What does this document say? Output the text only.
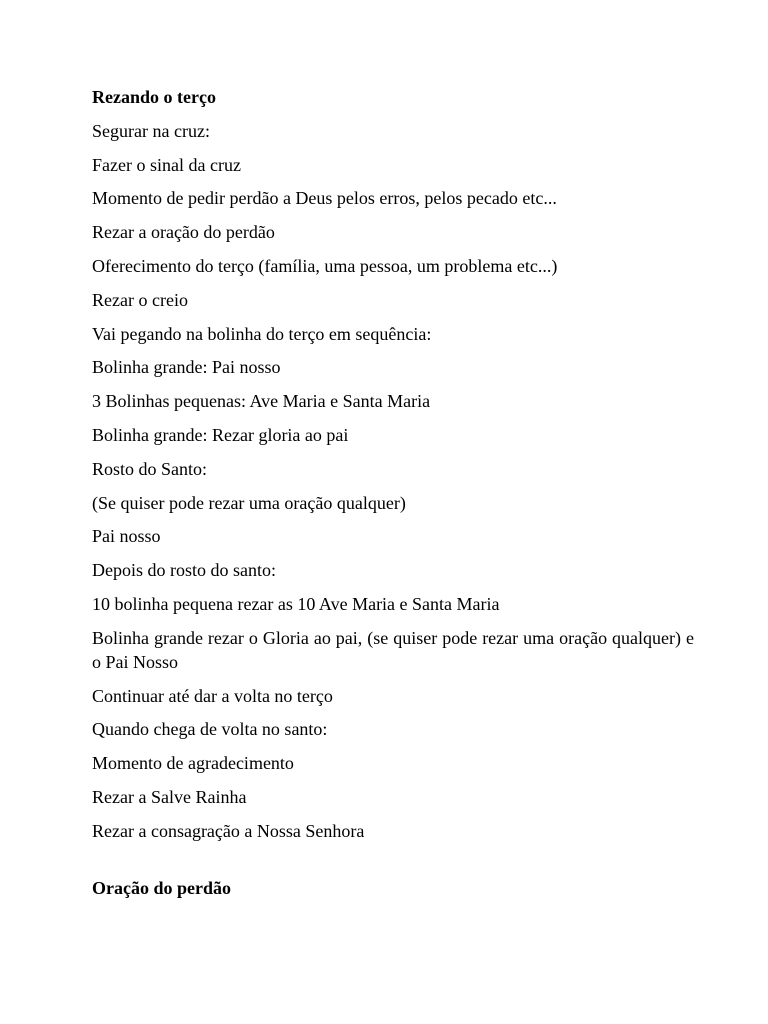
Rezando o terço
Segurar na cruz:
Fazer o sinal da cruz
Momento de pedir perdão a Deus pelos erros, pelos pecado etc...
Rezar a oração do perdão
Oferecimento do terço (família, uma pessoa, um problema etc...)
Rezar o creio
Vai pegando na bolinha do terço em sequência:
Bolinha grande: Pai nosso
3 Bolinhas pequenas: Ave Maria e Santa Maria
Bolinha grande: Rezar gloria ao pai
Rosto do Santo:
(Se quiser pode rezar uma oração qualquer)
Pai nosso
Depois do rosto do santo:
10 bolinha pequena rezar as 10 Ave Maria e Santa Maria
Bolinha grande rezar o Gloria ao pai, (se quiser pode rezar uma oração qualquer) e o Pai Nosso
Continuar até dar a volta no terço
Quando chega de volta no santo:
Momento de agradecimento
Rezar a Salve Rainha
Rezar a consagração a Nossa Senhora
Oração do perdão
